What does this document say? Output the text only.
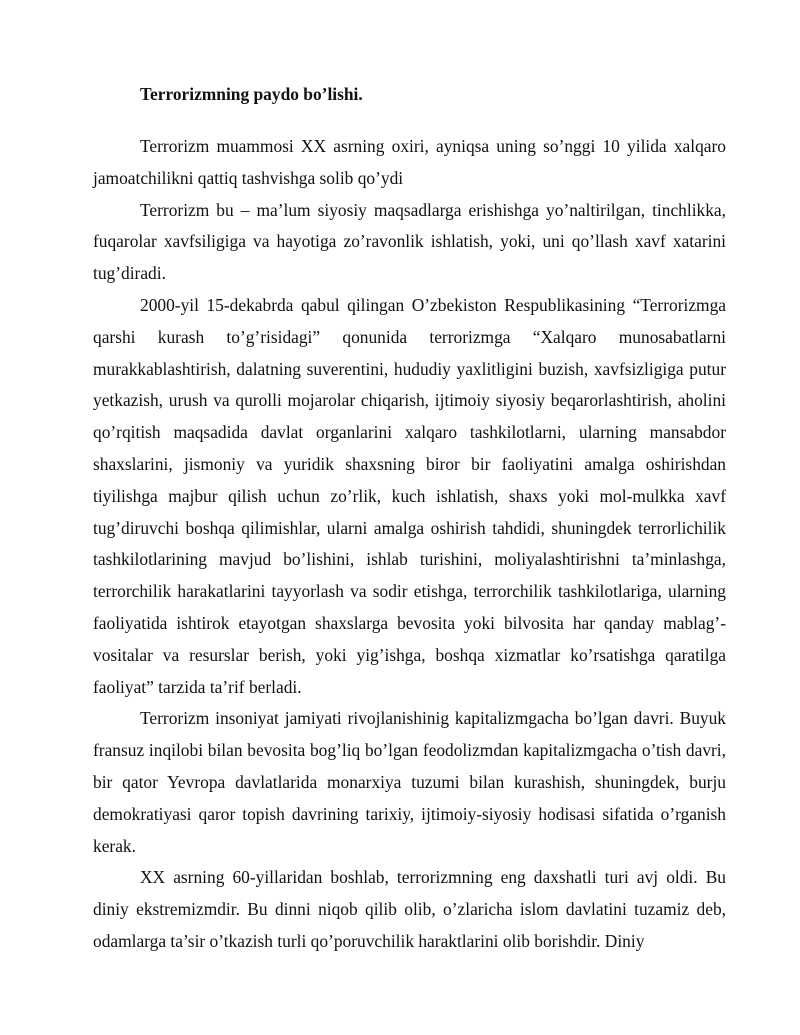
Terrorizmning paydo bo’lishi.

Terrorizm muammosi XX asrning oxiri, ayniqsa uning so’nggi 10 yilida xalqaro jamoatchilikni qattiq tashvishga solib qo’ydi

Terrorizm bu – ma’lum siyosiy maqsadlarga erishishga yo’naltirilgan, tinchlikka, fuqarolar xavfsiligiga va hayotiga zo’ravonlik ishlatish, yoki, uni qo’llash xavf xatarini tug’diradi.

2000-yil 15-dekabrda qabul qilingan O’zbekiston Respublikasining “Terrorizmga qarshi kurash to’g’risidagi” qonunida terrorizmga “Xalqaro munosabatlarni murakkablashtirish, dalatning suverentini, hududiy yaxlitligini buzish, xavfsizligiga putur yetkazish, urush va qurolli mojarolar chiqarish, ijtimoiy siyosiy beqarorlashtirish, aholini qo’rqitish maqsadida davlat organlarini xalqaro tashkilotlarni, ularning mansabdor shaxslarini, jismoniy va yuridik shaxsning biror bir faoliyatini amalga oshirishdan tiyilishga majbur qilish uchun zo’rlik, kuch ishlatish, shaxs yoki mol-mulkka xavf tug’diruvchi boshqa qilimishlar, ularni amalga oshirish tahdidi, shuningdek terrorlichilik tashkilotlarining mavjud bo’lishini, ishlab turishini, moliyalashtirishni ta’minlashga, terrorchilik harakatlarini tayyorlash va sodir etishga, terrorchilik tashkilotlariga, ularning faoliyatida ishtirok etayotgan shaxslarga bevosita yoki bilvosita har qanday mablag’-vositalar va resurslar berish, yoki yig’ishga, boshqa xizmatlar ko’rsatishga qaratilga faoliyat” tarzida ta’rif berladi.

Terrorizm insoniyat jamiyati rivojlanishinig kapitalizmgacha bo’lgan davri. Buyuk fransuz inqilobi bilan bevosita bog’liq bo’lgan feodolizmdan kapitalizmgacha o’tish davri, bir qator Yevropa davlatlarida monarxiya tuzumi bilan kurashish, shuningdek, burju demokratiyasi qaror topish davrining tarixiy, ijtimoiy-siyosiy hodisasi sifatida o’rganish kerak.

XX asrning 60-yillaridan boshlab, terrorizmning eng daxshatli turi avj oldi. Bu diniy ekstremizmdir. Bu dinni niqob qilib olib, o’zlaricha islom davlatini tuzamiz deb, odamlarga ta’sir o’tkazish turli qo’poruvchilik haraktlarini olib borishdir. Diniy
